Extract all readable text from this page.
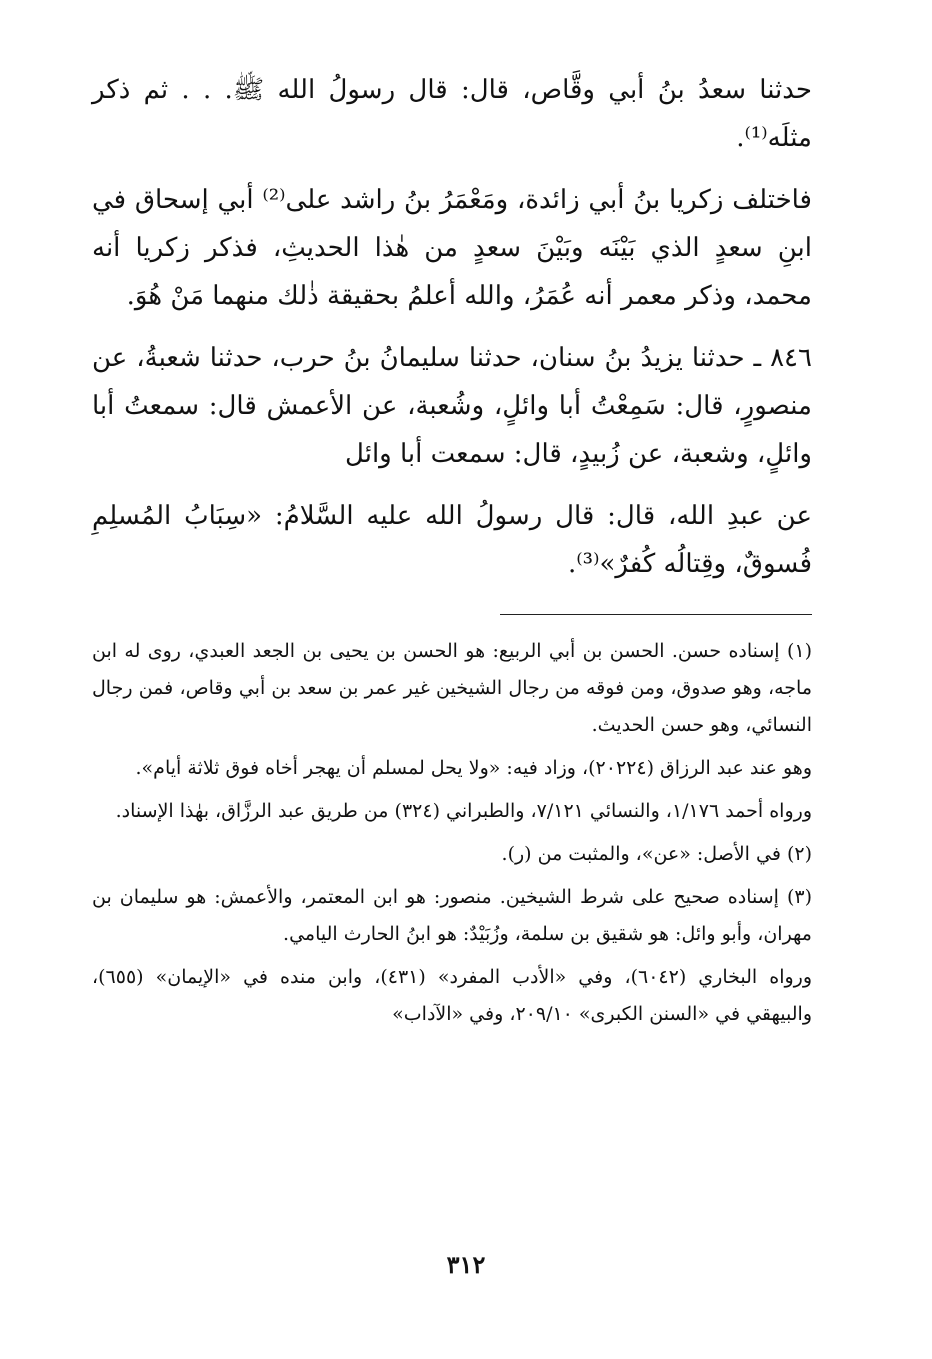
حدثنا سعدُ بنُ أبي وقَّاص، قال: قال رسولُ الله ﷺ. . . ثم ذكر مثلَه⁽¹⁾.

فاختلف زكريا بنُ أبي زائدة، ومَعْمَرُ بنُ راشد على⁽²⁾ أبي إسحاق في ابنِ سعدٍ الذي بَيْنَه وبَيْنَ سعدٍ من هٰذا الحديثِ، فذكر زكريا أنه محمد، وذكر معمر أنه عُمَرُ، والله أعلمُ بحقيقة ذٰلك منهما مَنْ هُوَ.

٨٤٦ ـ حدثنا يزيدُ بنُ سنان، حدثنا سليمانُ بنُ حرب، حدثنا شعبةُ، عن منصورٍ، قال: سَمِعْتُ أبا وائلٍ، وشُعبة، عن الأعمش قال: سمعتُ أبا وائلٍ، وشعبة، عن زُبيدٍ، قال: سمعت أبا وائل

عن عبدِ الله، قال: قال رسولُ الله عليه السَّلامُ: «سِبَابُ المُسلِمِ فُسوقٌ، وقِتالُه كُفرٌ»⁽³⁾.

(١) إسناده حسن. الحسن بن أبي الربيع: هو الحسن بن يحيى بن الجعد العبدي، روى له ابن ماجه، وهو صدوق، ومن فوقه من رجال الشيخين غير عمر بن سعد بن أبي وقاص، فمن رجال النسائي، وهو حسن الحديث.

وهو عند عبد الرزاق (٢٠٢٢٤)، وزاد فيه: «ولا يحل لمسلم أن يهجر أخاه فوق ثلاثة أيام».

ورواه أحمد ١/١٧٦، والنسائي ٧/١٢١، والطبراني (٣٢٤) من طريق عبد الرزَّاق، بهٰذا الإسناد.

(٢) في الأصل: «عن»، والمثبت من (ر).

(٣) إسناده صحيح على شرط الشيخين. منصور: هو ابن المعتمر، والأعمش: هو سليمان بن مهران، وأبو وائل: هو شقيق بن سلمة، وزُبَيْدٌ: هو ابنُ الحارث اليامي.

ورواه البخاري (٦٠٤٢)، وفي «الأدب المفرد» (٤٣١)، وابن منده في «الإيمان» (٦٥٥)، والبيهقي في «السنن الكبرى» ٢٠٩/١٠، وفي «الآداب»

٣١٢
